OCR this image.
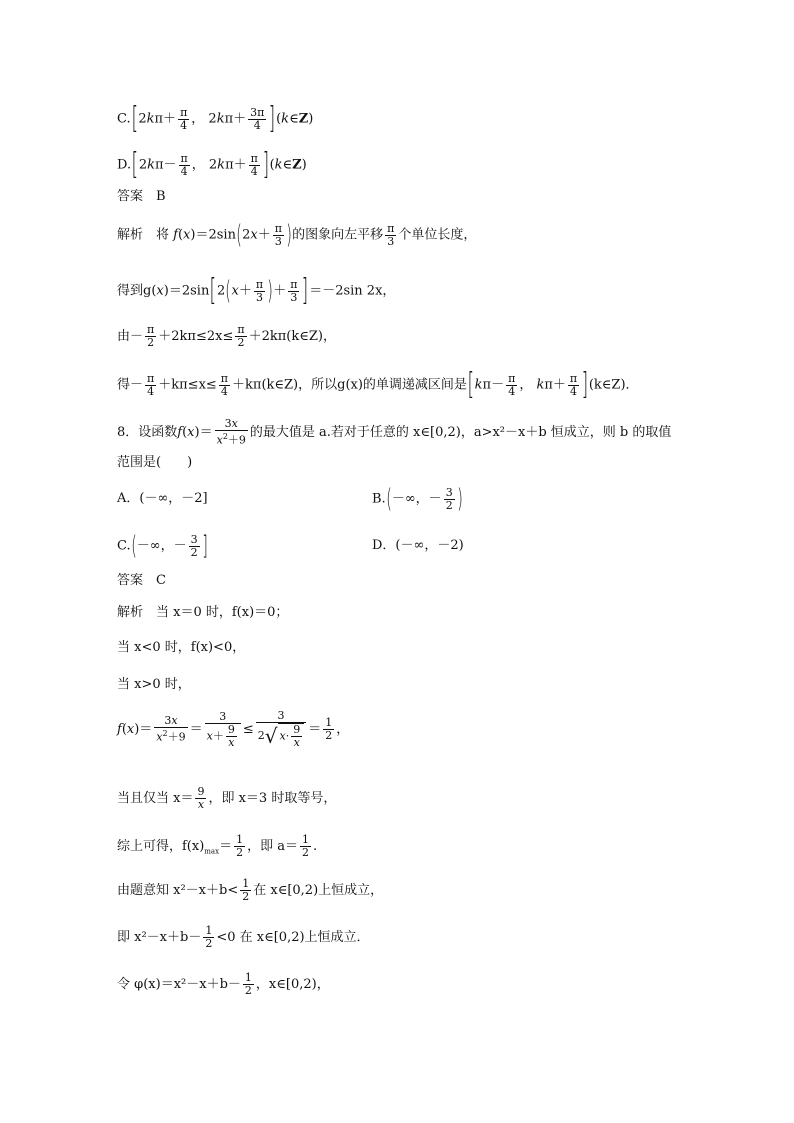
$C.[2k\pi+ \frac{\pi}{4}$ ， $2k\pi+ \frac{3\pi}{4}$ ](k∈Z)
$D.[2k\pi- \frac{\pi}{4}$ ， $2k\pi+ \frac{\pi}{4}$ ](k∈Z)
答案　B
解析　将 $f(x)=2\sin(2x+ \frac{\pi}{3}$ )的图象向左平移 $\frac{\pi}{3}$ 个单位长度，
得到$g(x)=2\sin[2(x+ \frac{\pi}{3}$ )＋ $\frac{\pi}{3} ]=-2\sin$ 2x，
由－ $\frac{\pi}{2} +2k\pi\le 2x\le \frac{\pi}{2}$ ＋2kπ(k∈Z)，
得－ $\frac{\pi}{4} +k\pi\le x\le \frac{\pi}{4}$ ＋kπ(k∈Z)，所以g(x)的单调递减区间是[$k\pi- \frac{\pi}{4}$ ， $k\pi+ \frac{\pi}{4}$ ](k∈Z)．
8．设函数$f(x)= \frac{3x}{x^2+9}$ 的最大值是 a.若对于任意的 x∈[0,2)，a>x²－x＋b 恒成立，则 b 的取值
范围是(　　)
A．(－∞，－2]	B.(－∞，－ $\frac{3}{2}$ )
C.(－∞，－ $\frac{3}{2}$ ]	D．(－∞，－2)
答案　C
解析　当 x＝0 时，f(x)＝0；
当 x<0 时，f(x)<0，
当 x>0 时，
$f(x)= \frac{3x}{x^2+9} = \frac{3}{x+ \frac{9}{x}} \le \frac{3}{2√ x\cdot \frac{9}{x}} = \frac{1}{2}$ ，
当且仅当 $x= \frac{9}{x}$ ，即 x＝3 时取等号，
综上可得，$f(x)_{max}= \frac{1}{2}$ ，即 $a= \frac{1}{2}$ .
由题意知 $x^2-x+b< \frac{1}{2}$ 在 x∈[0,2)上恒成立，
即 $x^2-x+b- \frac{1}{2} <0$ 在 x∈[0,2)上恒成立．
令 $\varphi(x)=x^2-x+b- \frac{1}{2}$ ，x∈[0,2)，
